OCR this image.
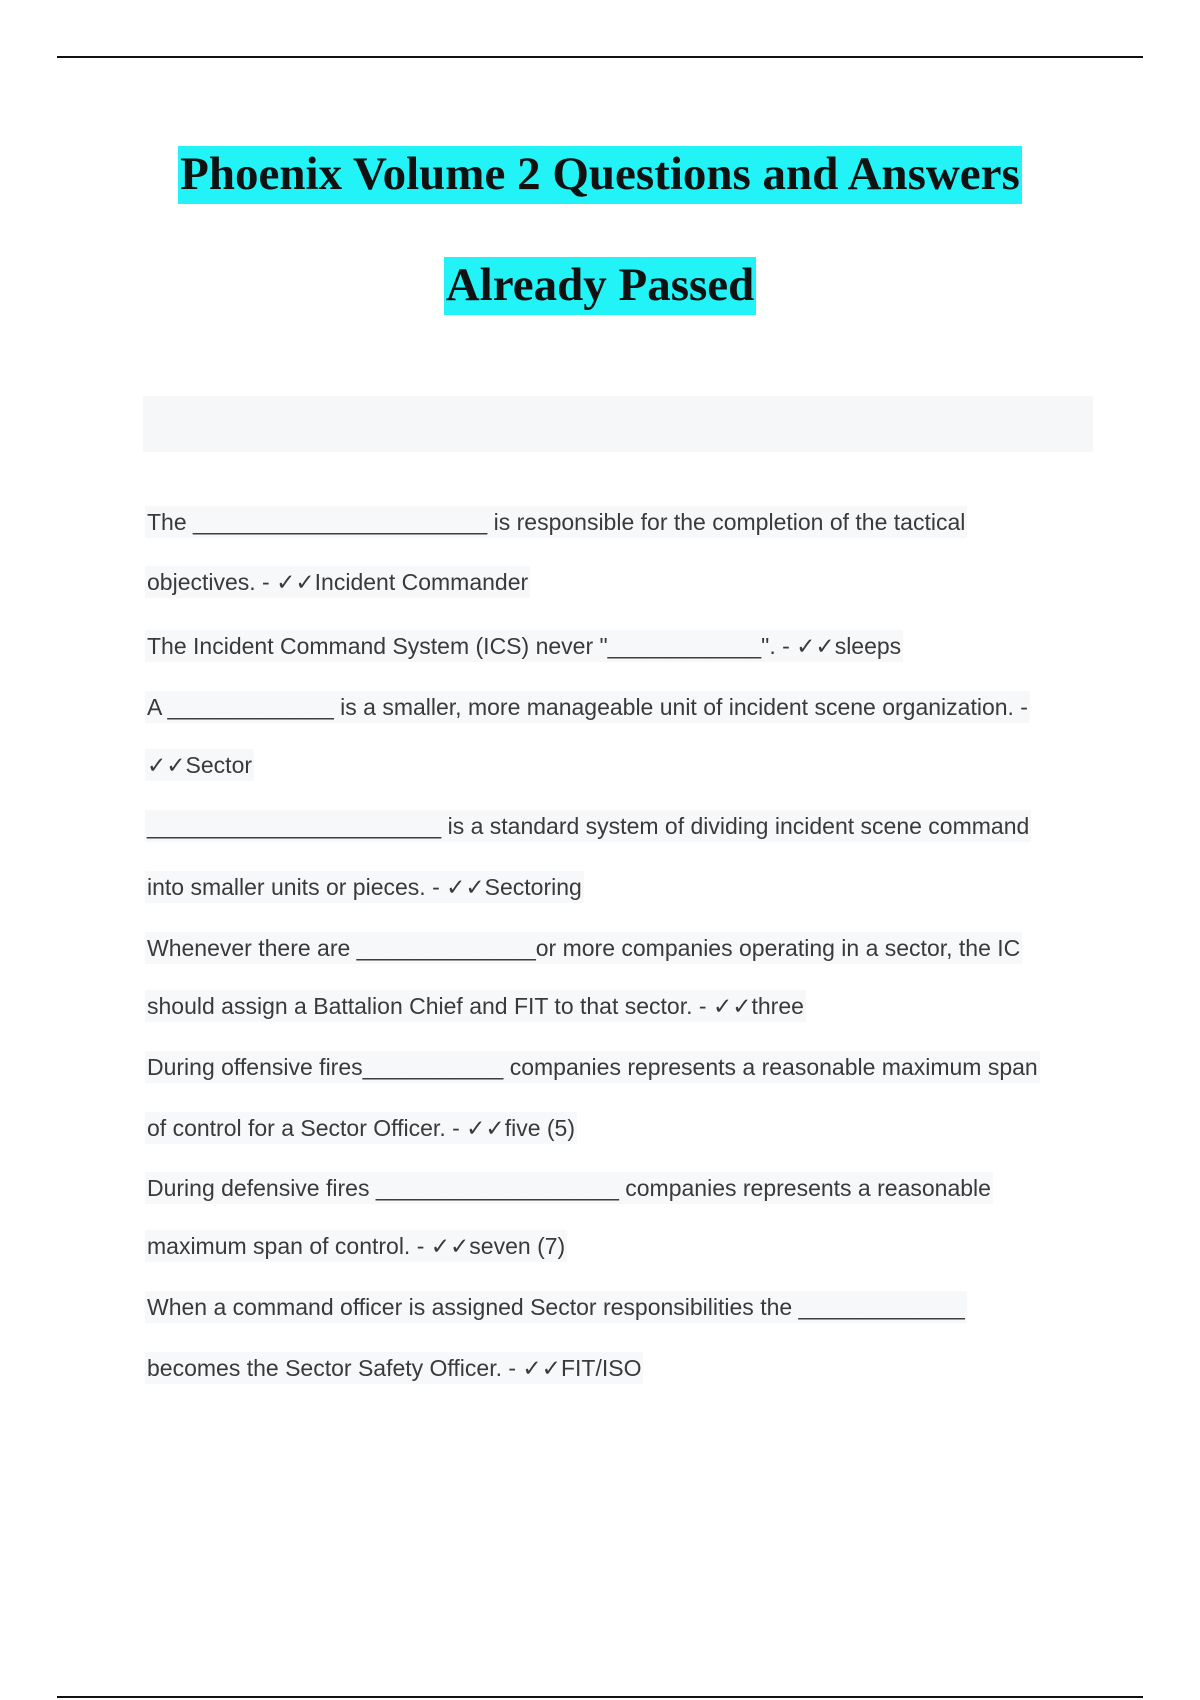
Phoenix Volume 2 Questions and Answers
Already Passed
The _______________________ is responsible for the completion of the tactical
objectives. - ✓✓Incident Commander
The Incident Command System (ICS) never "____________". - ✓✓sleeps
A _____________ is a smaller, more manageable unit of incident scene organization. -
✓✓Sector
_______________________ is a standard system of dividing incident scene command
into smaller units or pieces. - ✓✓Sectoring
Whenever there are ______________or more companies operating in a sector, the IC
should assign a Battalion Chief and FIT to that sector. - ✓✓three
During offensive fires___________ companies represents a reasonable maximum span
of control for a Sector Officer. - ✓✓five (5)
During defensive fires ___________________ companies represents a reasonable
maximum span of control. - ✓✓seven (7)
When a command officer is assigned Sector responsibilities the _____________
becomes the Sector Safety Officer. - ✓✓FIT/ISO
